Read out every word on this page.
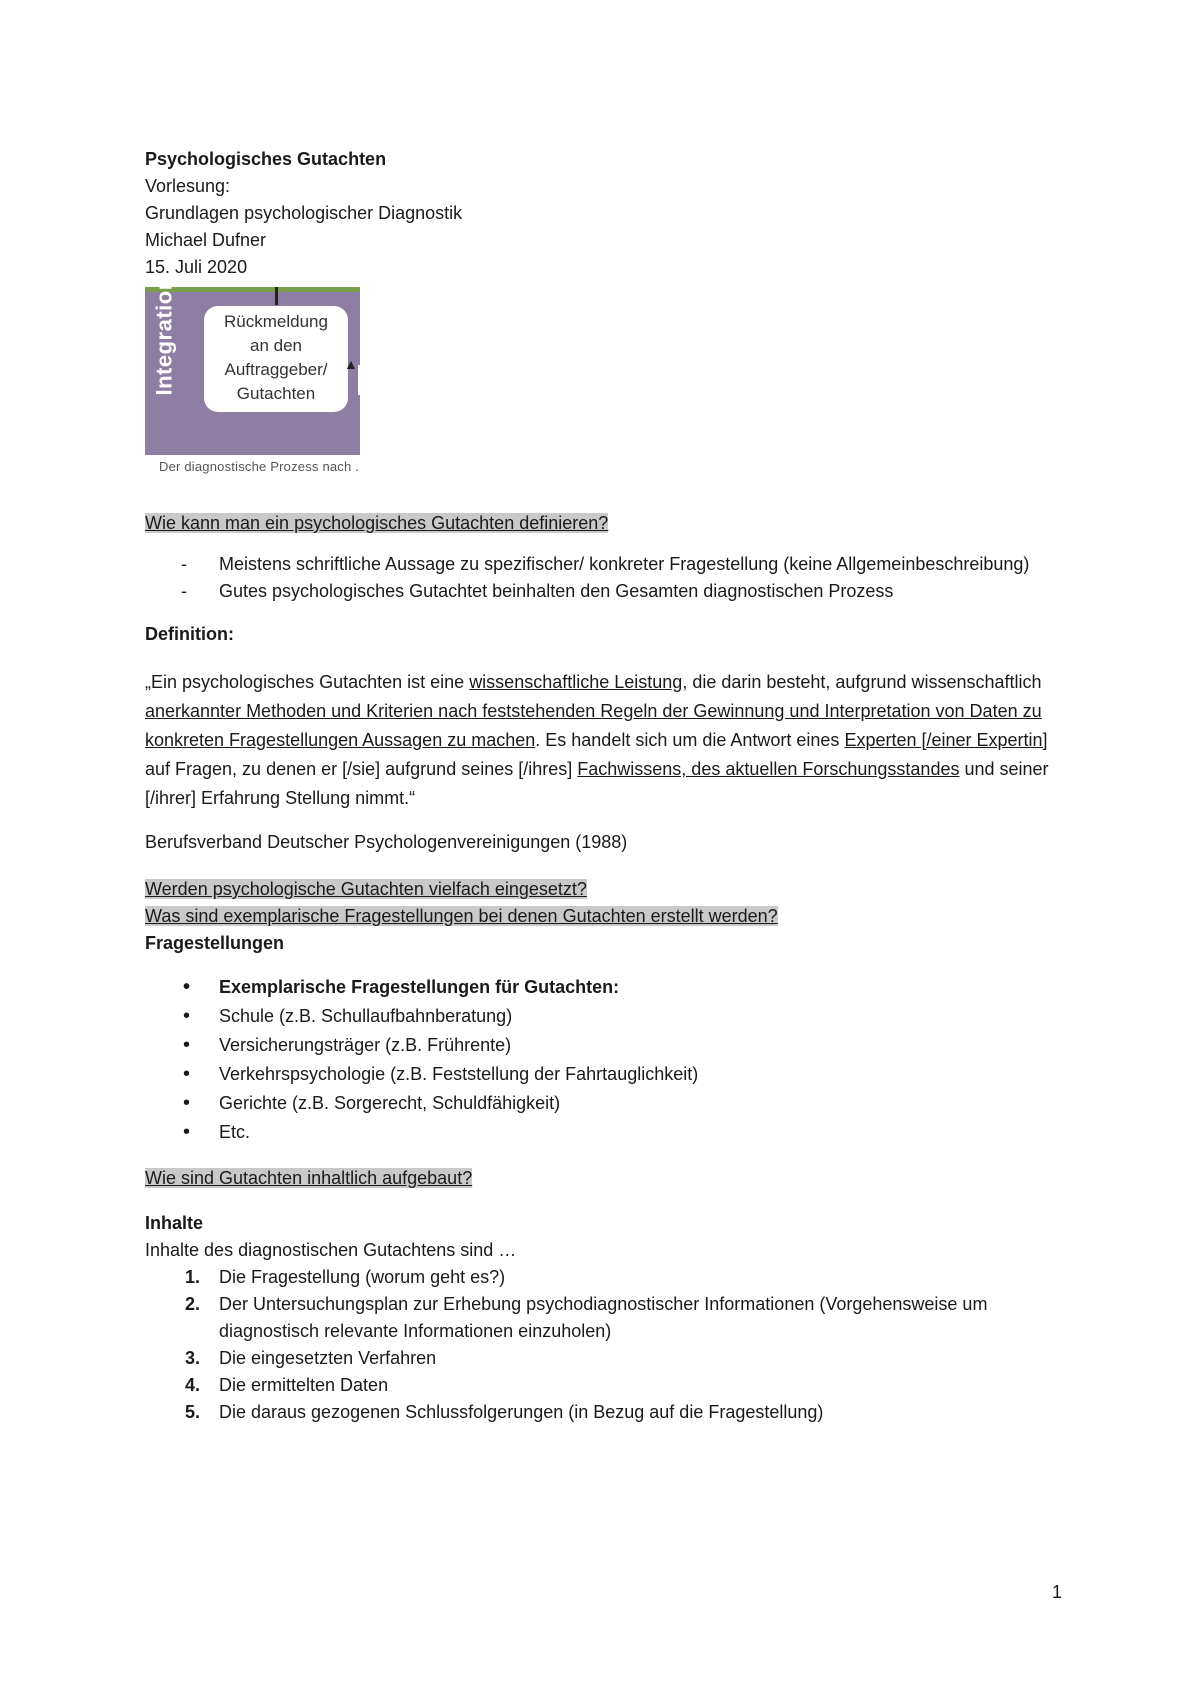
Psychologisches Gutachten
Vorlesung:
Grundlagen psychologischer Diagnostik
Michael Dufner
15. Juli 2020
Integration	Rückmeldung
an den
Auftraggeber/
Gutachten
▲
Der diagnostische Prozess nach .
Wie kann man ein psychologisches Gutachten definieren?
- Meistens schriftliche Aussage zu spezifischer/ konkreter Fragestellung (keine Allgemeinbeschreibung)
- Gutes psychologisches Gutachtet beinhalten den Gesamten diagnostischen Prozess
Definition:
„Ein psychologisches Gutachten ist eine wissenschaftliche Leistung, die darin besteht, aufgrund wissenschaftlich anerkannter Methoden und Kriterien nach feststehenden Regeln der Gewinnung und Interpretation von Daten zu konkreten Fragestellungen Aussagen zu machen. Es handelt sich um die Antwort eines Experten [/einer Expertin] auf Fragen, zu denen er [/sie] aufgrund seines [/ihres] Fachwissens, des aktuellen Forschungsstandes und seiner [/ihrer] Erfahrung Stellung nimmt.“
Berufsverband Deutscher Psychologenvereinigungen (1988)
Werden psychologische Gutachten vielfach eingesetzt?
Was sind exemplarische Fragestellungen bei denen Gutachten erstellt werden?
Fragestellungen
• Exemplarische Fragestellungen für Gutachten:
• Schule (z.B. Schullaufbahnberatung)
• Versicherungsträger (z.B. Frührente)
• Verkehrspsychologie (z.B. Feststellung der Fahrtauglichkeit)
• Gerichte (z.B. Sorgerecht, Schuldfähigkeit)
• Etc.
Wie sind Gutachten inhaltlich aufgebaut?
Inhalte
Inhalte des diagnostischen Gutachtens sind …
1. Die Fragestellung (worum geht es?)
2. Der Untersuchungsplan zur Erhebung psychodiagnostischer Informationen (Vorgehensweise um diagnostisch relevante Informationen einzuholen)
3. Die eingesetzten Verfahren
4. Die ermittelten Daten
5. Die daraus gezogenen Schlussfolgerungen (in Bezug auf die Fragestellung)
1
